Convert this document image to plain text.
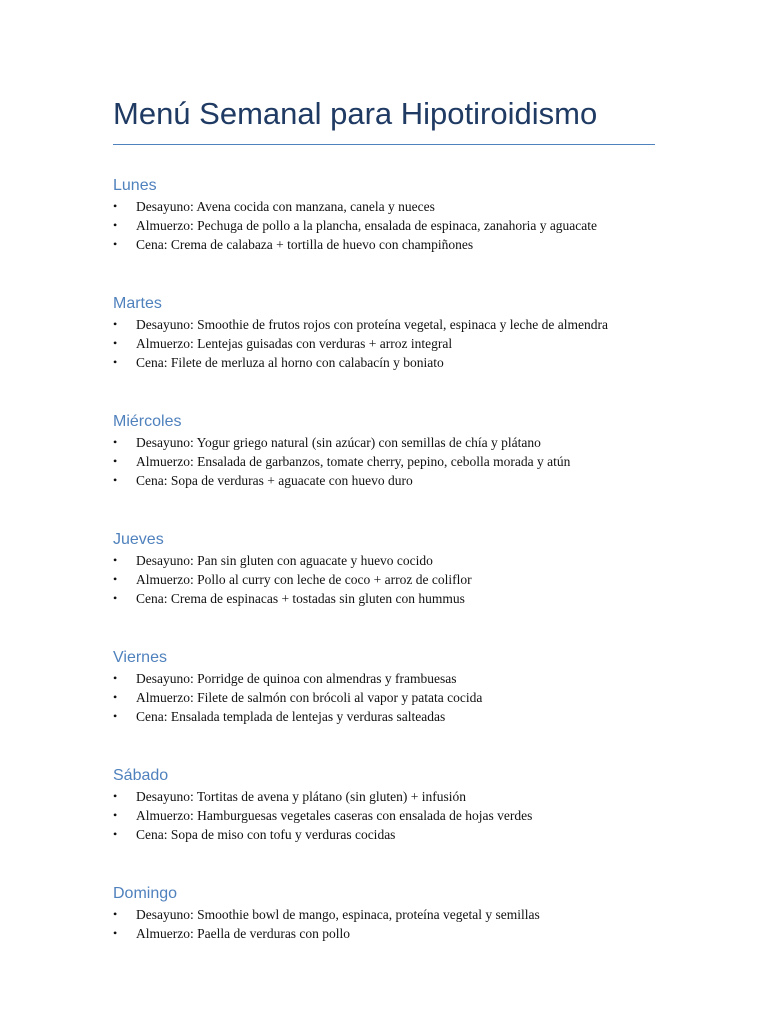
Menú Semanal para Hipotiroidismo
Lunes
• Desayuno: Avena cocida con manzana, canela y nueces
• Almuerzo: Pechuga de pollo a la plancha, ensalada de espinaca, zanahoria y aguacate
• Cena: Crema de calabaza + tortilla de huevo con champiñones
Martes
• Desayuno: Smoothie de frutos rojos con proteína vegetal, espinaca y leche de almendra
• Almuerzo: Lentejas guisadas con verduras + arroz integral
• Cena: Filete de merluza al horno con calabacín y boniato
Miércoles
• Desayuno: Yogur griego natural (sin azúcar) con semillas de chía y plátano
• Almuerzo: Ensalada de garbanzos, tomate cherry, pepino, cebolla morada y atún
• Cena: Sopa de verduras + aguacate con huevo duro
Jueves
• Desayuno: Pan sin gluten con aguacate y huevo cocido
• Almuerzo: Pollo al curry con leche de coco + arroz de coliflor
• Cena: Crema de espinacas + tostadas sin gluten con hummus
Viernes
• Desayuno: Porridge de quinoa con almendras y frambuesas
• Almuerzo: Filete de salmón con brócoli al vapor y patata cocida
• Cena: Ensalada templada de lentejas y verduras salteadas
Sábado
• Desayuno: Tortitas de avena y plátano (sin gluten) + infusión
• Almuerzo: Hamburguesas vegetales caseras con ensalada de hojas verdes
• Cena: Sopa de miso con tofu y verduras cocidas
Domingo
• Desayuno: Smoothie bowl de mango, espinaca, proteína vegetal y semillas
• Almuerzo: Paella de verduras con pollo
